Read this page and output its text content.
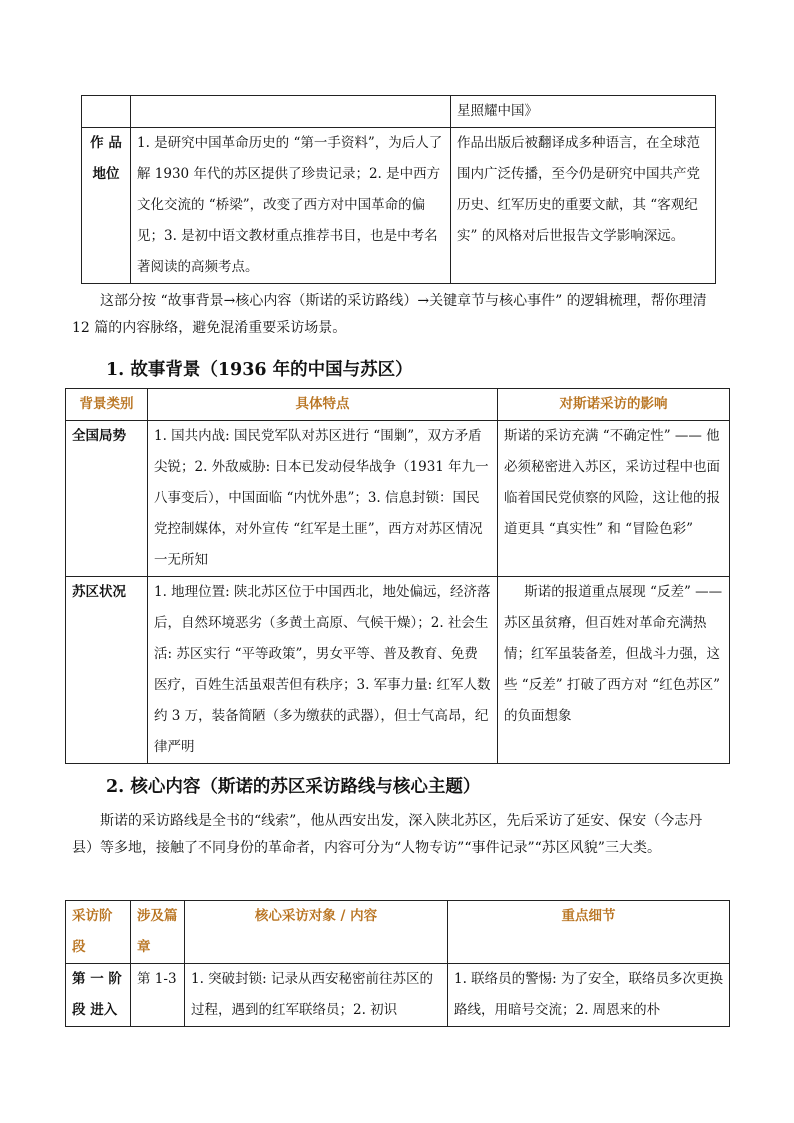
		星照耀中国》

作 品
地位	1. 是研究中国革命历史的 “第一手资料”，为后人了解 1930 年代的苏区提供了珍贵记录；2. 是中西方文化交流的 “桥梁”，改变了西方对中国革命的偏见；3. 是初中语文教材重点推荐书目，也是中考名著阅读的高频考点。	作品出版后被翻译成多种语言，在全球范围内广泛传播，至今仍是研究中国共产党历史、红军历史的重要文献，其 “客观纪实” 的风格对后世报告文学影响深远。
这部分按 “故事背景→核心内容（斯诺的采访路线）→关键章节与核心事件” 的逻辑梳理，帮你理清 12 篇的内容脉络，避免混淆重要采访场景。
1. 故事背景（1936 年的中国与苏区）
背景类别	具体特点	对斯诺采访的影响
全国局势	1. 国共内战: 国民党军队对苏区进行 “围剿”，双方矛盾尖锐；2. 外敌威胁: 日本已发动侵华战争（1931 年九一八事变后），中国面临 “内忧外患”；3. 信息封锁：国民党控制媒体，对外宣传 “红军是土匪”，西方对苏区情况一无所知	斯诺的采访充满 “不确定性” —— 他必须秘密进入苏区，采访过程中也面临着国民党侦察的风险，这让他的报道更具 “真实性” 和 “冒险色彩”
苏区状况	1. 地理位置: 陕北苏区位于中国西北，地处偏远，经济落后，自然环境恶劣（多黄土高原、气候干燥）；2. 社会生活: 苏区实行 “平等政策”，男女平等、普及教育、免费医疗，百姓生活虽艰苦但有秩序；3. 军事力量: 红军人数约 3 万，装备简陋（多为缴获的武器），但士气高昂，纪律严明	斯诺的报道重点展现 “反差” —— 苏区虽贫瘠，但百姓对革命充满热情；红军虽装备差，但战斗力强，这些 “反差” 打破了西方对 “红色苏区” 的负面想象
2. 核心内容（斯诺的苏区采访路线与核心主题）
斯诺的采访路线是全书的“线索”，他从西安出发，深入陕北苏区，先后采访了延安、保安（今志丹县）等多地，接触了不同身份的革命者，内容可分为“人物专访”“事件记录”“苏区风貌”三大类。
采访阶段	涉及篇章	核心采访对象 / 内容	重点细节
第 一 阶段 进入	第 1-3	1. 突破封锁: 记录从西安秘密前往苏区的过程，遇到的红军联络员；2. 初识	1. 联络员的警惕: 为了安全，联络员多次更换路线，用暗号交流；2. 周恩来的朴
